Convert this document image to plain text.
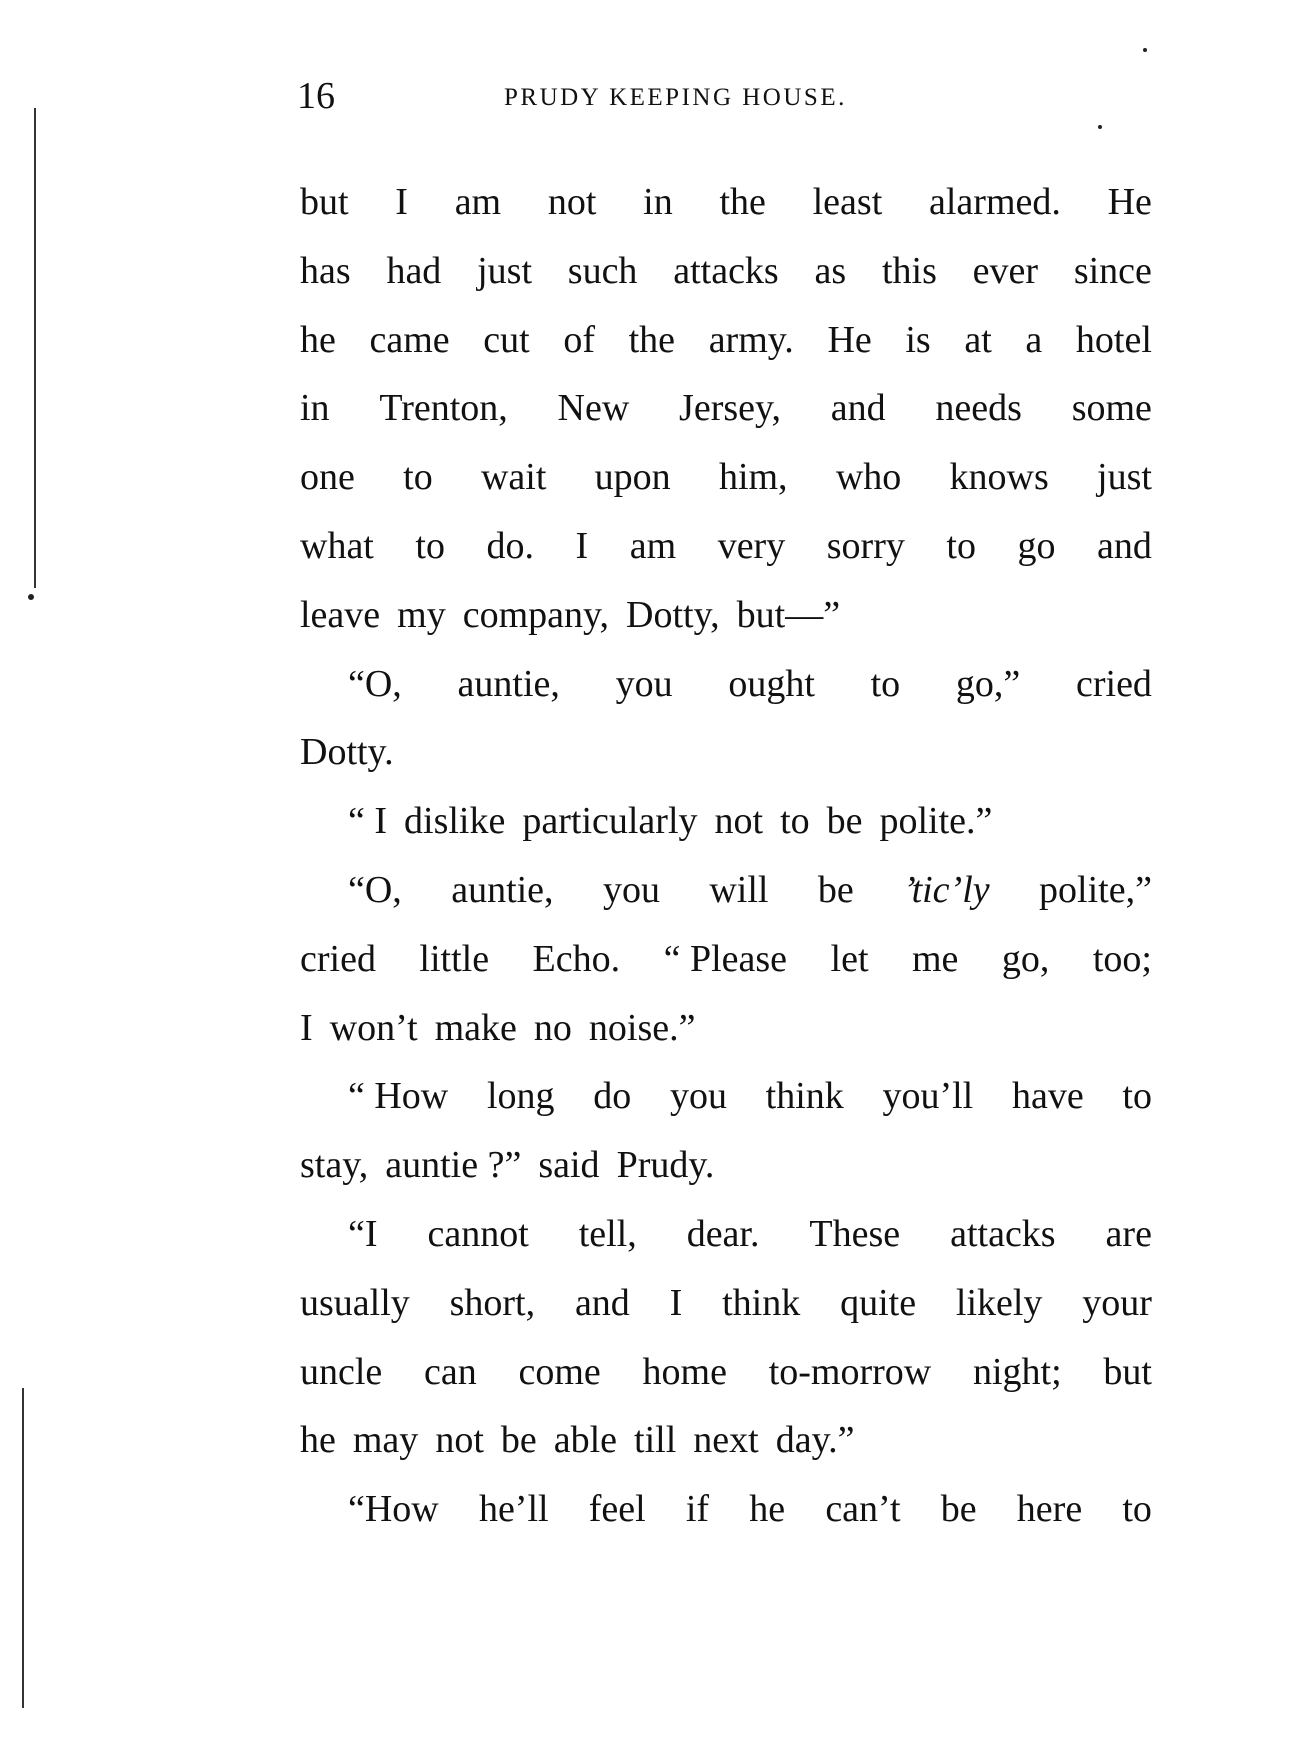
16	PRUDY KEEPING HOUSE.
but I am not in the least alarmed. He
has had just such attacks as this ever since
he came cut of the army. He is at a hotel
in Trenton, New Jersey, and needs some
one to wait upon him, who knows just
what to do. I am very sorry to go and
leave my company, Dotty, but—”
“O, auntie, you ought to go,” cried
Dotty.
“ I dislike particularly not to be polite.”
“O, auntie, you will be ’tic’ly polite,”
cried little Echo. “ Please let me go, too;
I won’t make no noise.”
“ How long do you think you’ll have to
stay, auntie ?” said Prudy.
“I cannot tell, dear. These attacks are
usually short, and I think quite likely your
uncle can come home to-morrow night; but
he may not be able till next day.”
“How he’ll feel if he can’t be here to
